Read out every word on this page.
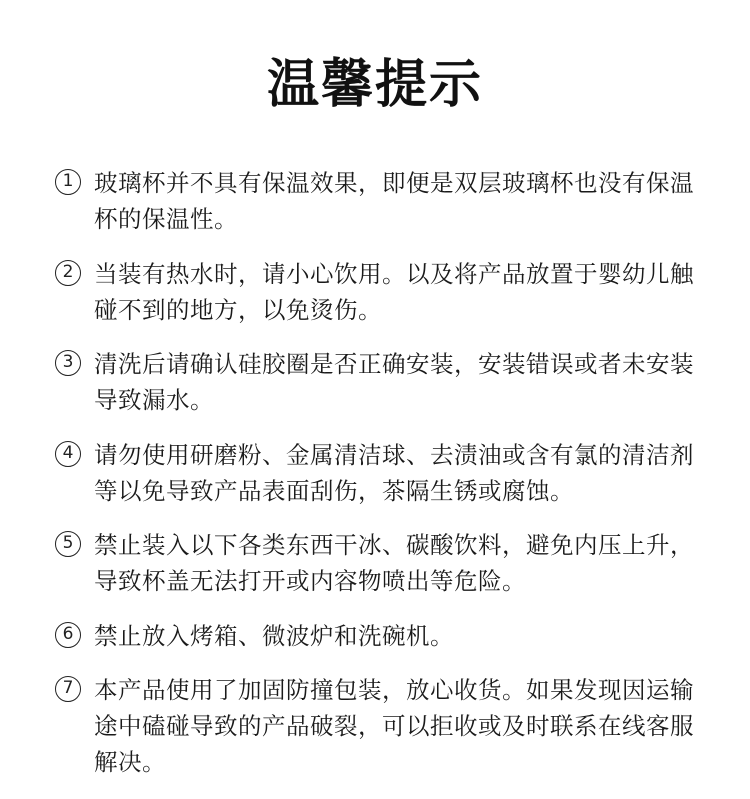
温馨提示
1 玻璃杯并不具有保温效果，即便是双层玻璃杯也没有保温杯的保温性。
2 当装有热水时，请小心饮用。以及将产品放置于婴幼儿触碰不到的地方，以免烫伤。
3 清洗后请确认硅胶圈是否正确安装，安装错误或者未安装导致漏水。
4 请勿使用研磨粉、金属清洁球、去渍油或含有氯的清洁剂等以免导致产品表面刮伤，茶隔生锈或腐蚀。
5 禁止装入以下各类东西干冰、碳酸饮料，避免内压上升，导致杯盖无法打开或内容物喷出等危险。
6 禁止放入烤箱、微波炉和洗碗机。
7 本产品使用了加固防撞包装，放心收货。如果发现因运输途中磕碰导致的产品破裂，可以拒收或及时联系在线客服解决。
